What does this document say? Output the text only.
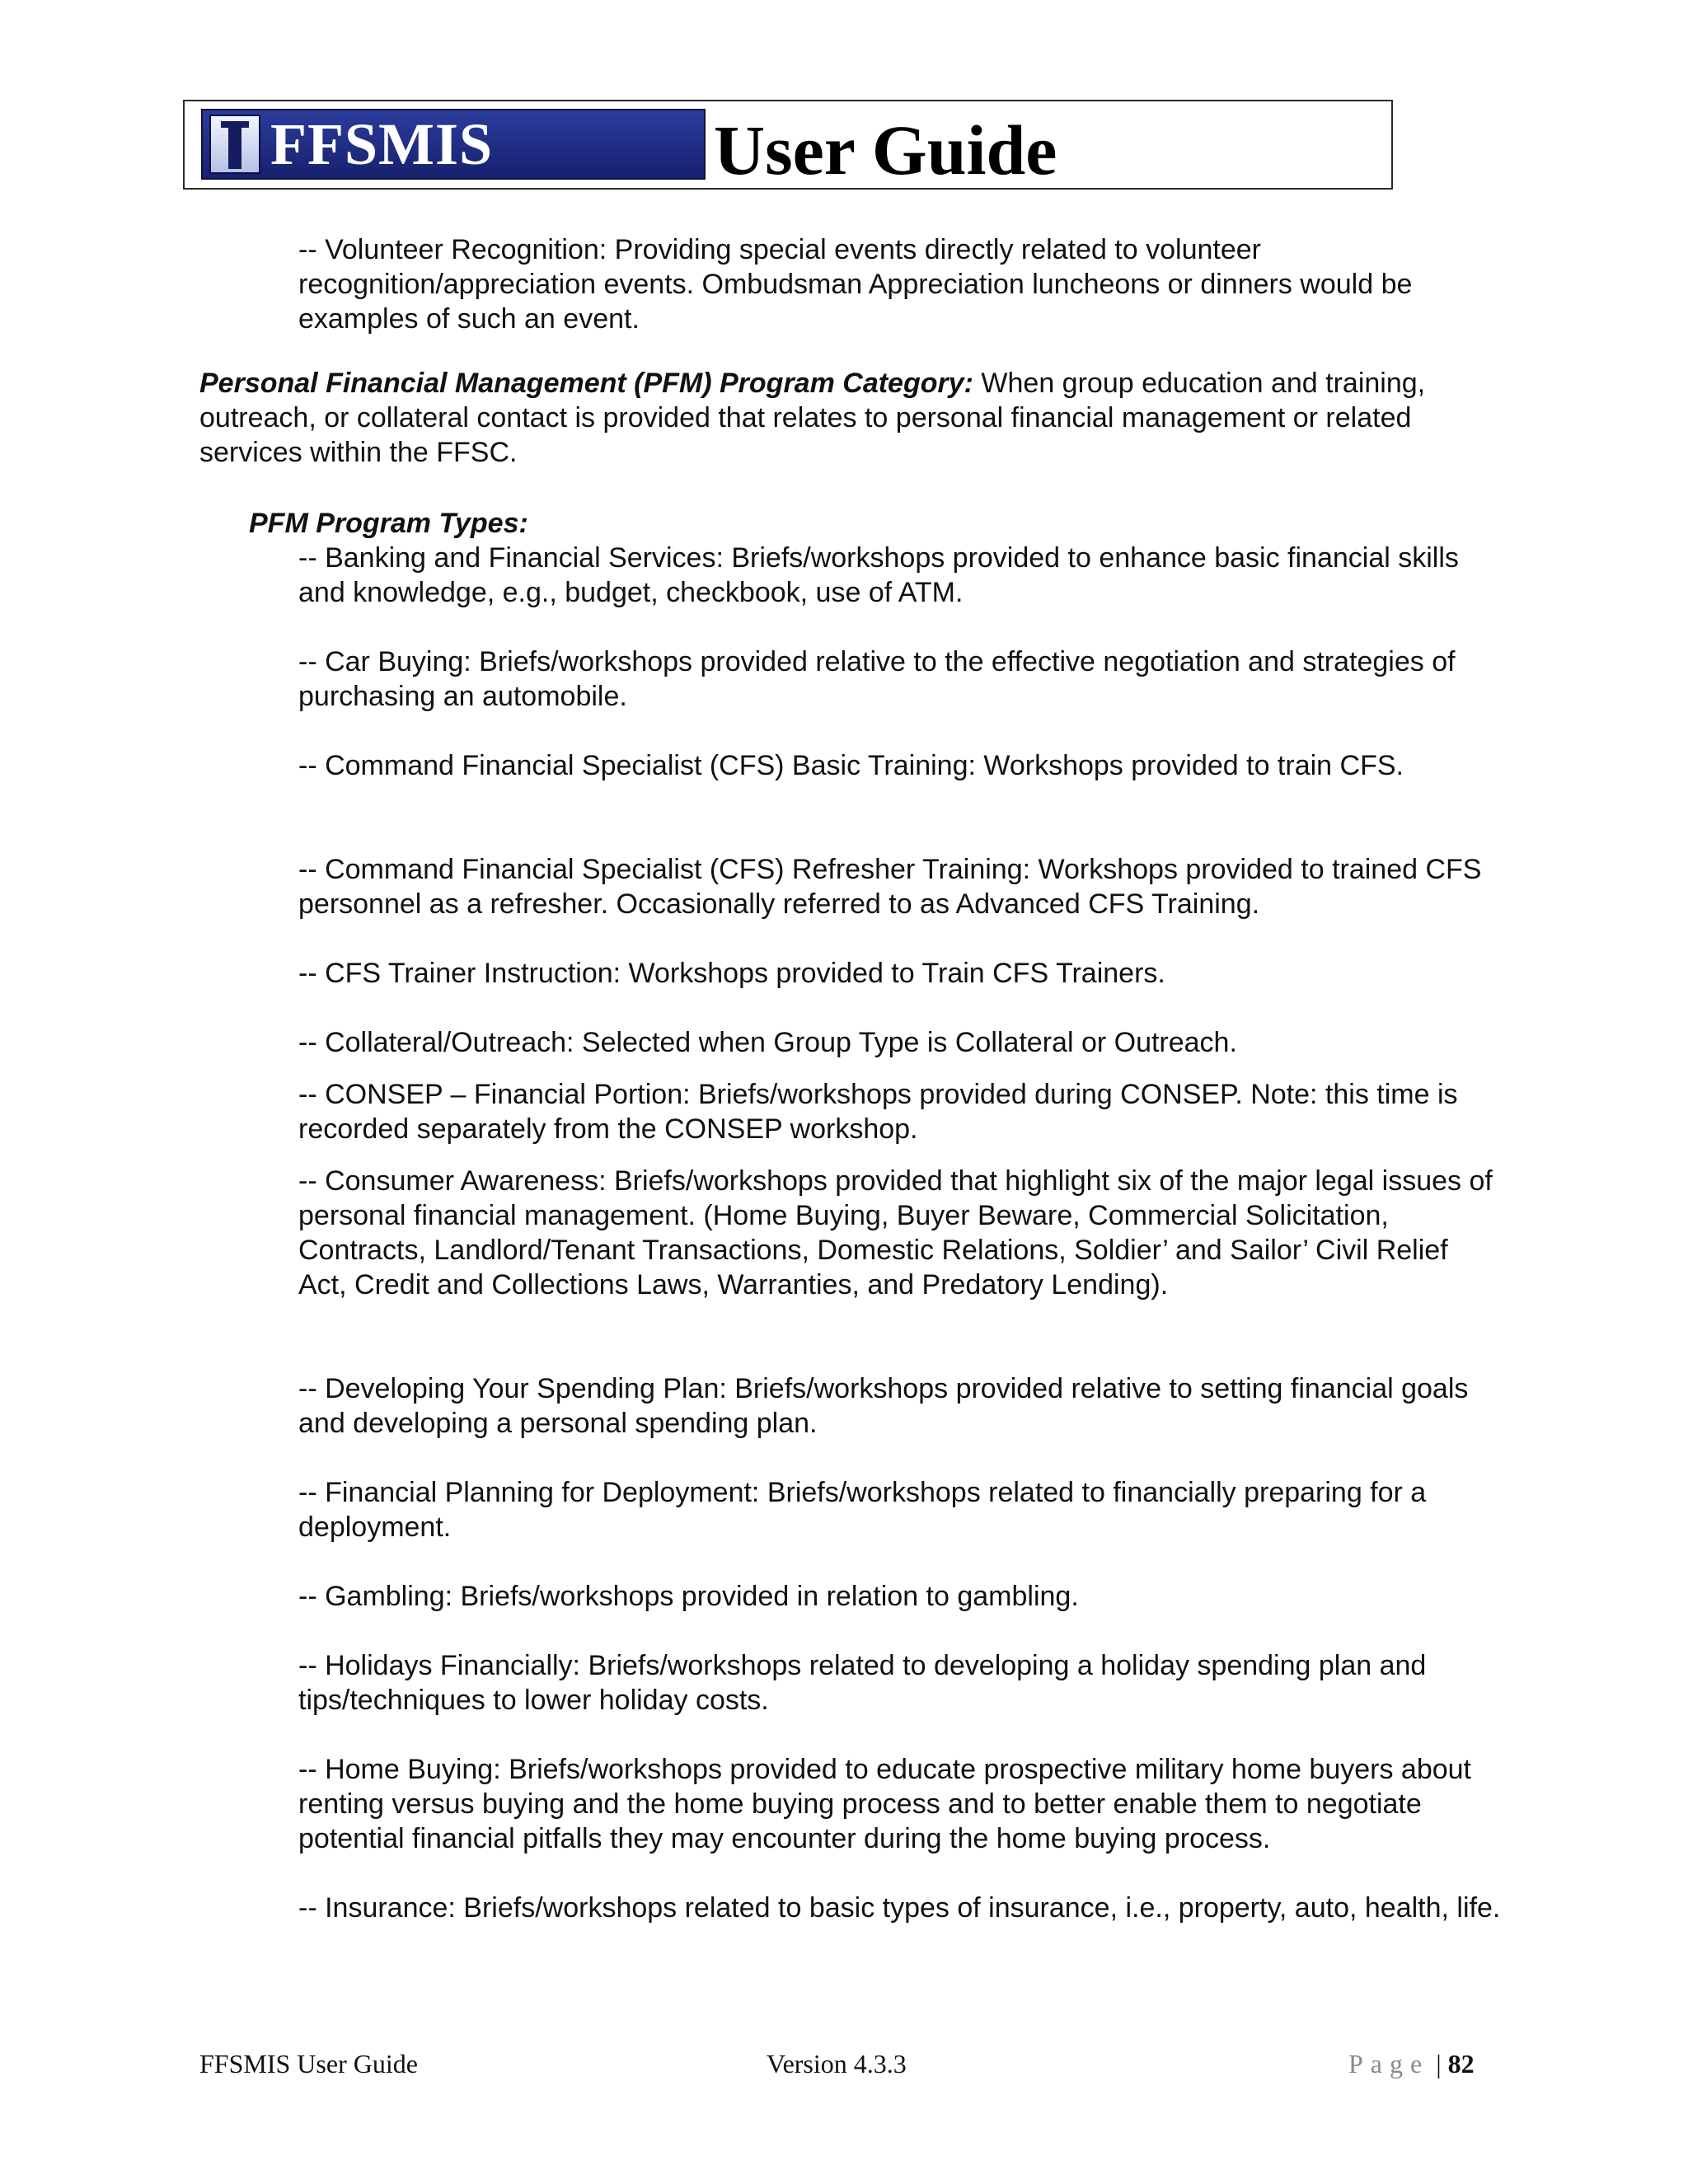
FFSMIS	User Guide

-- Volunteer Recognition: Providing special events directly related to volunteer recognition/appreciation events. Ombudsman Appreciation luncheons or dinners would be examples of such an event.

Personal Financial Management (PFM) Program Category: When group education and training, outreach, or collateral contact is provided that relates to personal financial management or related services within the FFSC.

PFM Program Types:

-- Banking and Financial Services: Briefs/workshops provided to enhance basic financial skills and knowledge, e.g., budget, checkbook, use of ATM.

-- Car Buying: Briefs/workshops provided relative to the effective negotiation and strategies of purchasing an automobile.

-- Command Financial Specialist (CFS) Basic Training: Workshops provided to train CFS.

-- Command Financial Specialist (CFS) Refresher Training: Workshops provided to trained CFS personnel as a refresher. Occasionally referred to as Advanced CFS Training.

-- CFS Trainer Instruction: Workshops provided to Train CFS Trainers.

-- Collateral/Outreach: Selected when Group Type is Collateral or Outreach.

-- CONSEP – Financial Portion: Briefs/workshops provided during CONSEP. Note: this time is recorded separately from the CONSEP workshop.

-- Consumer Awareness: Briefs/workshops provided that highlight six of the major legal issues of personal financial management. (Home Buying, Buyer Beware, Commercial Solicitation, Contracts, Landlord/Tenant Transactions, Domestic Relations, Soldier’ and Sailor’ Civil Relief Act, Credit and Collections Laws, Warranties, and Predatory Lending).

-- Developing Your Spending Plan: Briefs/workshops provided relative to setting financial goals and developing a personal spending plan.

-- Financial Planning for Deployment: Briefs/workshops related to financially preparing for a deployment.

-- Gambling: Briefs/workshops provided in relation to gambling.

-- Holidays Financially: Briefs/workshops related to developing a holiday spending plan and tips/techniques to lower holiday costs.

-- Home Buying: Briefs/workshops provided to educate prospective military home buyers about renting versus buying and the home buying process and to better enable them to negotiate potential financial pitfalls they may encounter during the home buying process.

-- Insurance: Briefs/workshops related to basic types of insurance, i.e., property, auto, health, life.

FFSMIS User Guide	Version 4.3.3	Page | 82
